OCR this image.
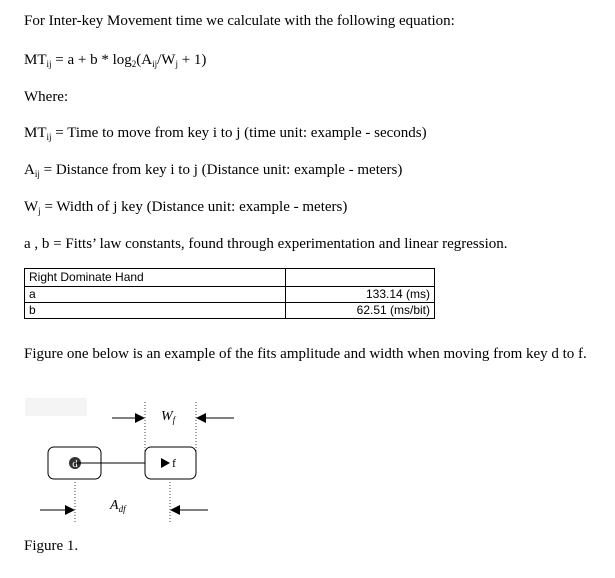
For Inter-key Movement time we calculate with the following equation:
$MT_{ij} = a + b * \log_2(A_{ij}/W_j + 1)$
Where:
$MT_{ij}$ = Time to move from key i to j (time unit: example - seconds)
$A_{ij}$ = Distance from key i to j (Distance unit: example - meters)
$W_j$ = Width of j key (Distance unit: example - meters)
a , b = Fitts’ law constants, found through experimentation and linear regression.
Right Dominate Hand	
a	133.14 (ms)
b	62.51 (ms/bit)
Figure one below is an example of the fits amplitude and width when moving from key d to f.
$W_f$
d	f
$A_{df}$
Figure 1.
